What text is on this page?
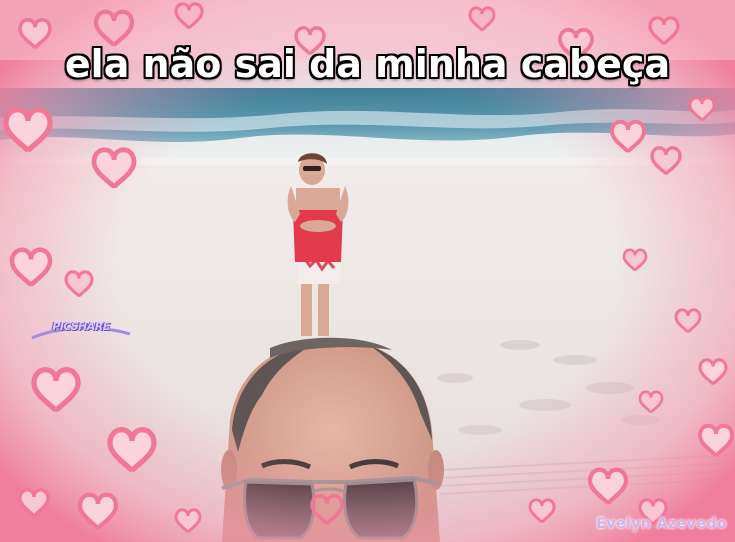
PICSHARE
ela não sai da minha cabeça
Evelyn Azevedo
